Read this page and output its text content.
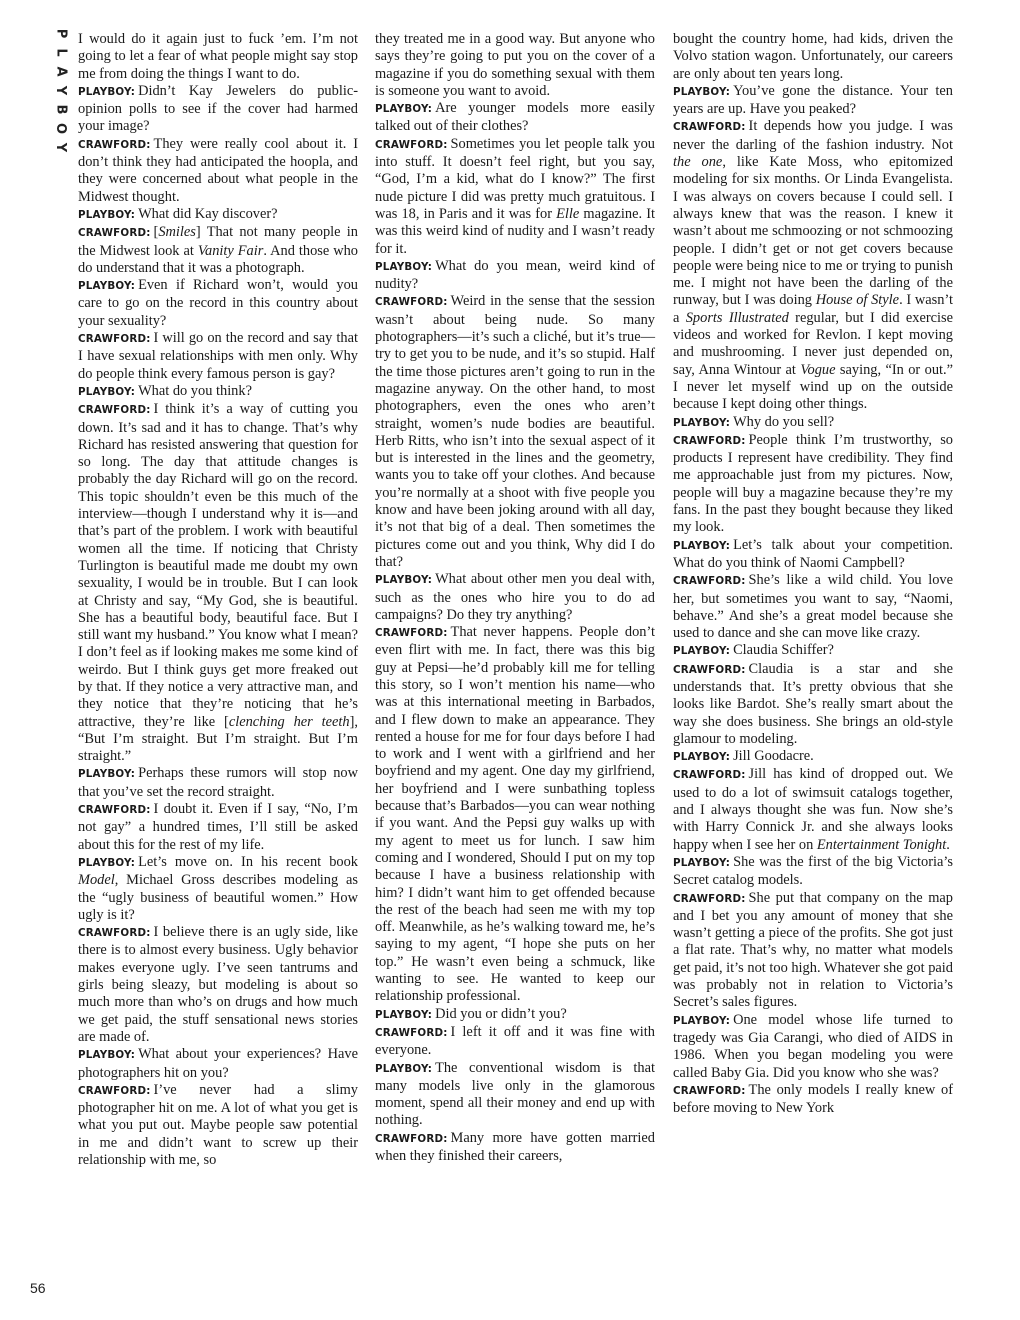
P
L
A
Y
B
O
Y

I would do it again just to fuck ’em. I’m not going to let a fear of what people might say stop me from doing the things I want to do.

PLAYBOY: Didn’t Kay Jewelers do public-opinion polls to see if the cover had harmed your image?

CRAWFORD: They were really cool about it. I don’t think they had anticipated the hoopla, and they were concerned about what people in the Midwest thought.

PLAYBOY: What did Kay discover?

CRAWFORD: [Smiles] That not many people in the Midwest look at Vanity Fair. And those who do understand that it was a photograph.

PLAYBOY: Even if Richard won’t, would you care to go on the record in this country about your sexuality?

CRAWFORD: I will go on the record and say that I have sexual relationships with men only. Why do people think every famous person is gay?

PLAYBOY: What do you think?

CRAWFORD: I think it’s a way of cutting you down. It’s sad and it has to change. That’s why Richard has resisted answering that question for so long. The day that attitude changes is probably the day Richard will go on the record. This topic shouldn’t even be this much of the interview—though I understand why it is—and that’s part of the problem. I work with beautiful women all the time. If noticing that Christy Turlington is beautiful made me doubt my own sexuality, I would be in trouble. But I can look at Christy and say, “My God, she is beautiful. She has a beautiful body, beautiful face. But I still want my husband.” You know what I mean? I don’t feel as if looking makes me some kind of weirdo. But I think guys get more freaked out by that. If they notice a very attractive man, and they notice that they’re noticing that he’s attractive, they’re like [clenching her teeth], “But I’m straight. But I’m straight. But I’m straight.”

PLAYBOY: Perhaps these rumors will stop now that you’ve set the record straight.

CRAWFORD: I doubt it. Even if I say, “No, I’m not gay” a hundred times, I’ll still be asked about this for the rest of my life.

PLAYBOY: Let’s move on. In his recent book Model, Michael Gross describes modeling as the “ugly business of beautiful women.” How ugly is it?

CRAWFORD: I believe there is an ugly side, like there is to almost every business. Ugly behavior makes everyone ugly. I’ve seen tantrums and girls being sleazy, but modeling is about so much more than who’s on drugs and how much we get paid, the stuff sensational news stories are made of.

PLAYBOY: What about your experiences? Have photographers hit on you?

CRAWFORD: I’ve never had a slimy photographer hit on me. A lot of what you get is what you put out. Maybe people saw potential in me and didn’t want to screw up their relationship with me, so

they treated me in a good way. But anyone who says they’re going to put you on the cover of a magazine if you do something sexual with them is someone you want to avoid.

PLAYBOY: Are younger models more easily talked out of their clothes?

CRAWFORD: Sometimes you let people talk you into stuff. It doesn’t feel right, but you say, “God, I’m a kid, what do I know?” The first nude picture I did was pretty much gratuitous. I was 18, in Paris and it was for Elle magazine. It was this weird kind of nudity and I wasn’t ready for it.

PLAYBOY: What do you mean, weird kind of nudity?

CRAWFORD: Weird in the sense that the session wasn’t about being nude. So many photographers—it’s such a cliché, but it’s true—try to get you to be nude, and it’s so stupid. Half the time those pictures aren’t going to run in the magazine anyway. On the other hand, to most photographers, even the ones who aren’t straight, women’s nude bodies are beautiful. Herb Ritts, who isn’t into the sexual aspect of it but is interested in the lines and the geometry, wants you to take off your clothes. And because you’re normally at a shoot with five people you know and have been joking around with all day, it’s not that big of a deal. Then sometimes the pictures come out and you think, Why did I do that?

PLAYBOY: What about other men you deal with, such as the ones who hire you to do ad campaigns? Do they try anything?

CRAWFORD: That never happens. People don’t even flirt with me. In fact, there was this big guy at Pepsi—he’d probably kill me for telling this story, so I won’t mention his name—who was at this international meeting in Barbados, and I flew down to make an appearance. They rented a house for me for four days before I had to work and I went with a girlfriend and her boyfriend and my agent. One day my girlfriend, her boyfriend and I were sunbathing topless because that’s Barbados—you can wear nothing if you want. And the Pepsi guy walks up with my agent to meet us for lunch. I saw him coming and I wondered, Should I put on my top because I have a business relationship with him? I didn’t want him to get offended because the rest of the beach had seen me with my top off. Meanwhile, as he’s walking toward me, he’s saying to my agent, “I hope she puts on her top.” He wasn’t even being a schmuck, like wanting to see. He wanted to keep our relationship professional.

PLAYBOY: Did you or didn’t you?

CRAWFORD: I left it off and it was fine with everyone.

PLAYBOY: The conventional wisdom is that many models live only in the glamorous moment, spend all their money and end up with nothing.

CRAWFORD: Many more have gotten married when they finished their careers,

bought the country home, had kids, driven the Volvo station wagon. Unfortunately, our careers are only about ten years long.

PLAYBOY: You’ve gone the distance. Your ten years are up. Have you peaked?

CRAWFORD: It depends how you judge. I was never the darling of the fashion industry. Not the one, like Kate Moss, who epitomized modeling for six months. Or Linda Evangelista. I was always on covers because I could sell. I always knew that was the reason. I knew it wasn’t about me schmoozing or not schmoozing people. I didn’t get or not get covers because people were being nice to me or trying to punish me. I might not have been the darling of the runway, but I was doing House of Style. I wasn’t a Sports Illustrated regular, but I did exercise videos and worked for Revlon. I kept moving and mushrooming. I never just depended on, say, Anna Wintour at Vogue saying, “In or out.” I never let myself wind up on the outside because I kept doing other things.

PLAYBOY: Why do you sell?

CRAWFORD: People think I’m trustworthy, so products I represent have credibility. They find me approachable just from my pictures. Now, people will buy a magazine because they’re my fans. In the past they bought because they liked my look.

PLAYBOY: Let’s talk about your competition. What do you think of Naomi Campbell?

CRAWFORD: She’s like a wild child. You love her, but sometimes you want to say, “Naomi, behave.” And she’s a great model because she used to dance and she can move like crazy.

PLAYBOY: Claudia Schiffer?

CRAWFORD: Claudia is a star and she understands that. It’s pretty obvious that she looks like Bardot. She’s really smart about the way she does business. She brings an old-style glamour to modeling.

PLAYBOY: Jill Goodacre.

CRAWFORD: Jill has kind of dropped out. We used to do a lot of swimsuit catalogs together, and I always thought she was fun. Now she’s with Harry Connick Jr. and she always looks happy when I see her on Entertainment Tonight.

PLAYBOY: She was the first of the big Victoria’s Secret catalog models.

CRAWFORD: She put that company on the map and I bet you any amount of money that she wasn’t getting a piece of the profits. She got just a flat rate. That’s why, no matter what models get paid, it’s not too high. Whatever she got paid was probably not in relation to Victoria’s Secret’s sales figures.

PLAYBOY: One model whose life turned to tragedy was Gia Carangi, who died of AIDS in 1986. When you began modeling you were called Baby Gia. Did you know who she was?

CRAWFORD: The only models I really knew of before moving to New York

56
